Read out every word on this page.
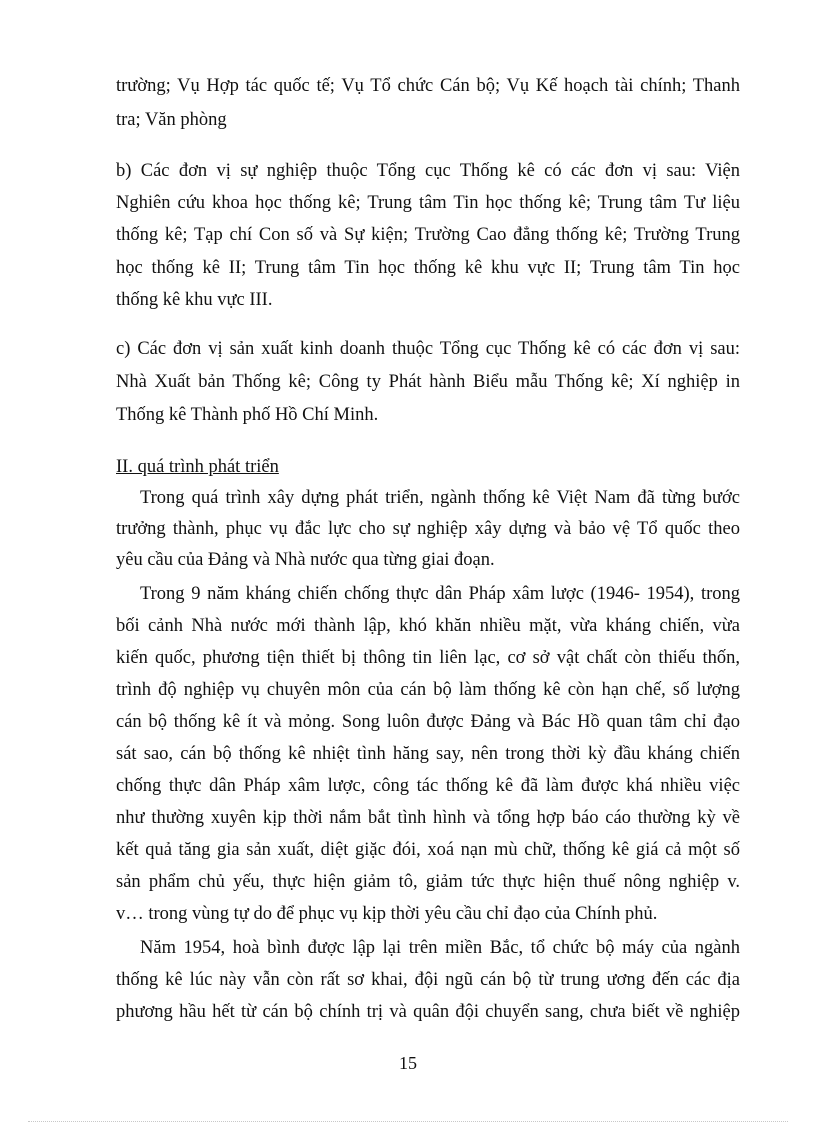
trường; Vụ Hợp tác quốc tế; Vụ Tổ chức Cán bộ; Vụ Kế hoạch tài chính; Thanh
tra; Văn phòng
b) Các đơn vị sự nghiệp thuộc Tổng cục Thống kê có các đơn vị sau: Viện
Nghiên cứu khoa học thống kê; Trung tâm Tin học thống kê; Trung tâm Tư liệu
thống kê; Tạp chí Con số và Sự kiện; Trường Cao đẳng thống kê; Trường Trung
học thống kê II; Trung tâm Tin học thống kê khu vực II; Trung tâm Tin học
thống kê khu vực III.
c) Các đơn vị sản xuất kinh doanh thuộc Tổng cục Thống kê có các đơn vị sau:
Nhà Xuất bản Thống kê; Công ty Phát hành Biểu mẫu Thống kê; Xí nghiệp in
Thống kê Thành phố Hồ Chí Minh.
II. quá trình phát triển
Trong quá trình xây dựng phát triển, ngành thống kê Việt Nam đã từng bước
trưởng thành, phục vụ đắc lực cho sự nghiệp xây dựng và bảo vệ Tổ quốc theo
yêu cầu của Đảng và Nhà nước qua từng giai đoạn.
Trong 9 năm kháng chiến chống thực dân Pháp xâm lược (1946- 1954), trong
bối cảnh Nhà nước mới thành lập, khó khăn nhiều mặt, vừa kháng chiến, vừa
kiến quốc, phương tiện thiết bị thông tin liên lạc, cơ sở vật chất còn thiếu thốn,
trình độ nghiệp vụ chuyên môn của cán bộ làm thống kê còn hạn chế, số lượng
cán bộ thống kê ít và mỏng. Song luôn được Đảng và Bác Hồ quan tâm chỉ đạo
sát sao, cán bộ thống kê nhiệt tình hăng say, nên trong thời kỳ đầu kháng chiến
chống thực dân Pháp xâm lược, công tác thống kê đã làm được khá nhiều việc
như thường xuyên kịp thời nắm bắt tình hình và tổng hợp báo cáo thường kỳ về
kết quả tăng gia sản xuất, diệt giặc đói, xoá nạn mù chữ, thống kê giá cả một số
sản phẩm chủ yếu, thực hiện giảm tô, giảm tức thực hiện thuế nông nghiệp v.
v… trong vùng tự do để phục vụ kịp thời yêu cầu chỉ đạo của Chính phủ.
Năm 1954, hoà bình được lập lại trên miền Bắc, tổ chức bộ máy của ngành
thống kê lúc này vẫn còn rất sơ khai, đội ngũ cán bộ từ trung ương đến các địa
phương hầu hết từ cán bộ chính trị và quân đội chuyển sang, chưa biết về nghiệp
15
